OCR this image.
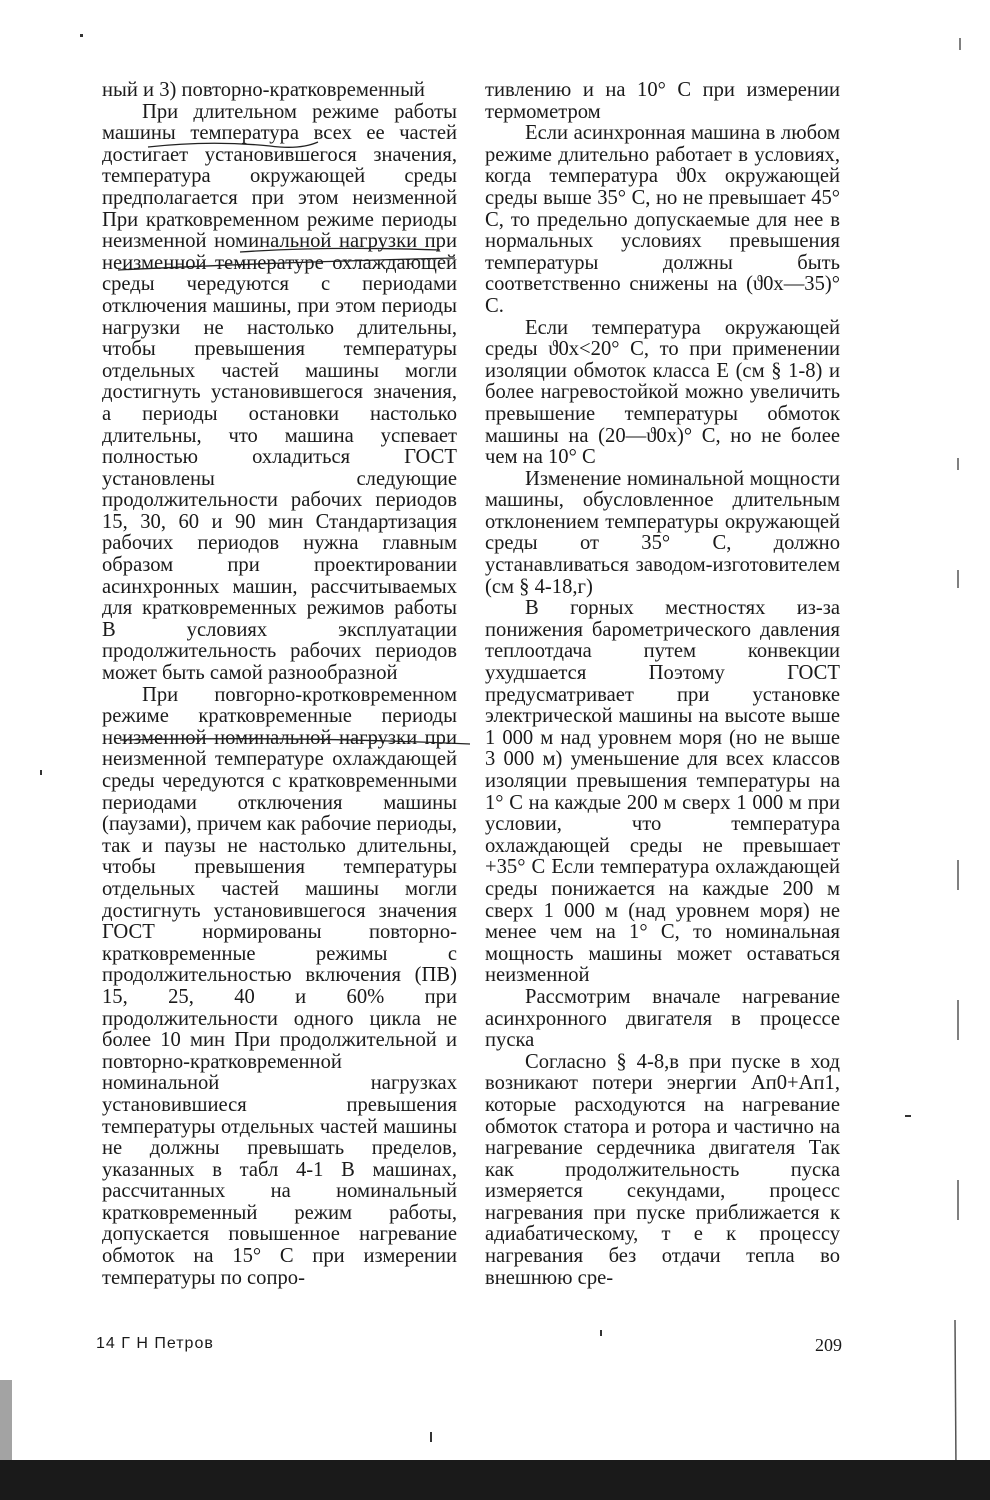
ный и 3) повторно-кратковременный

При длительном режиме работы машины температура всех ее частей достигает установившегося значения, температура окружающей среды предполагается при этом неизменной При кратковременном режиме периоды неизменной номинальной нагрузки при неизменной температуре охлаждающей среды чередуются с периодами отключения машины, при этом периоды нагрузки не настолько длительны, чтобы превышения температуры отдельных частей машины могли достигнуть установившегося значения, а периоды остановки настолько длительны, что машина успевает полностью охладиться ГОСТ установлены следующие продолжительности рабочих периодов 15, 30, 60 и 90 мин Стандартизация рабочих периодов нужна главным образом при проектировании асинхронных машин, рассчитываемых для кратковременных режимов работы В условиях эксплуатации продолжительность рабочих периодов может быть самой разнообразной

При повгорно-кротковременном режиме кратковременные периоды неизменной номинальной нагрузки при неизменной температуре охлаждающей среды чередуются с кратковременными периодами отключения машины (паузами), причем как рабочие периоды, так и паузы не настолько длительны, чтобы превышения температуры отдельных частей машины могли достигнуть установившегося значения ГОСТ нормированы повторно-кратковременные режимы с продолжительностью включения (ПВ) 15, 25, 40 и 60% при продолжительности одного цикла не более 10 мин При продолжительной и повторно-кратковременной номинальной нагрузках установившиеся превышения температуры отдельных частей машины не должны превышать пределов, указанных в табл 4-1 В машинах, рассчитанных на номинальный кратковременный режим работы, допускается повышенное нагревание обмоток на 15° С при измерении температуры по сопро-

тивлению и на 10° С при измерении термометром

Если асинхронная машина в любом режиме длительно работает в условиях, когда температура ϑ0x окружающей среды выше 35° С, но не превышает 45° С, то предельно допускаемые для нее в нормальных условиях превышения температуры должны быть соответственно снижены на (ϑ0x—35)° С.

Если температура окружающей среды ϑ0x<20° С, то при применении изоляции обмоток класса E (см § 1-8) и более нагревостойкой можно увеличить превышение температуры обмоток машины на (20—ϑ0x)° С, но не более чем на 10° С

Изменение номинальной мощности машины, обусловленное длительным отклонением температуры окружающей среды от 35° С, должно устанавливаться заводом-изготовителем (см § 4-18,г)

В горных местностях из-за понижения барометрического давления теплоотдача путем конвекции ухудшается Поэтому ГОСТ предусматривает при установке электрической машины на высоте выше 1 000 м над уровнем моря (но не выше 3 000 м) уменьшение для всех классов изоляции превышения температуры на 1° С на каждые 200 м сверх 1 000 м при условии, что температура охлаждающей среды не превышает +35° С Если температура охлаждающей среды понижается на каждые 200 м сверх 1 000 м (над уровнем моря) не менее чем на 1° С, то номинальная мощность машины может оставаться неизменной

Рассмотрим вначале нагревание асинхронного двигателя в процессе пуска

Согласно § 4-8,в при пуске в ход возникают потери энергии Aп0+Aп1, которые расходуются на нагревание обмоток статора и ротора и частично на нагревание сердечника двигателя Так как продолжительность пуска измеряется секундами, процесс нагревания при пуске приближается к адиабатическому, т е к процессу нагревания без отдачи тепла во внешнюю сре-

14 Г Н Петров	209
